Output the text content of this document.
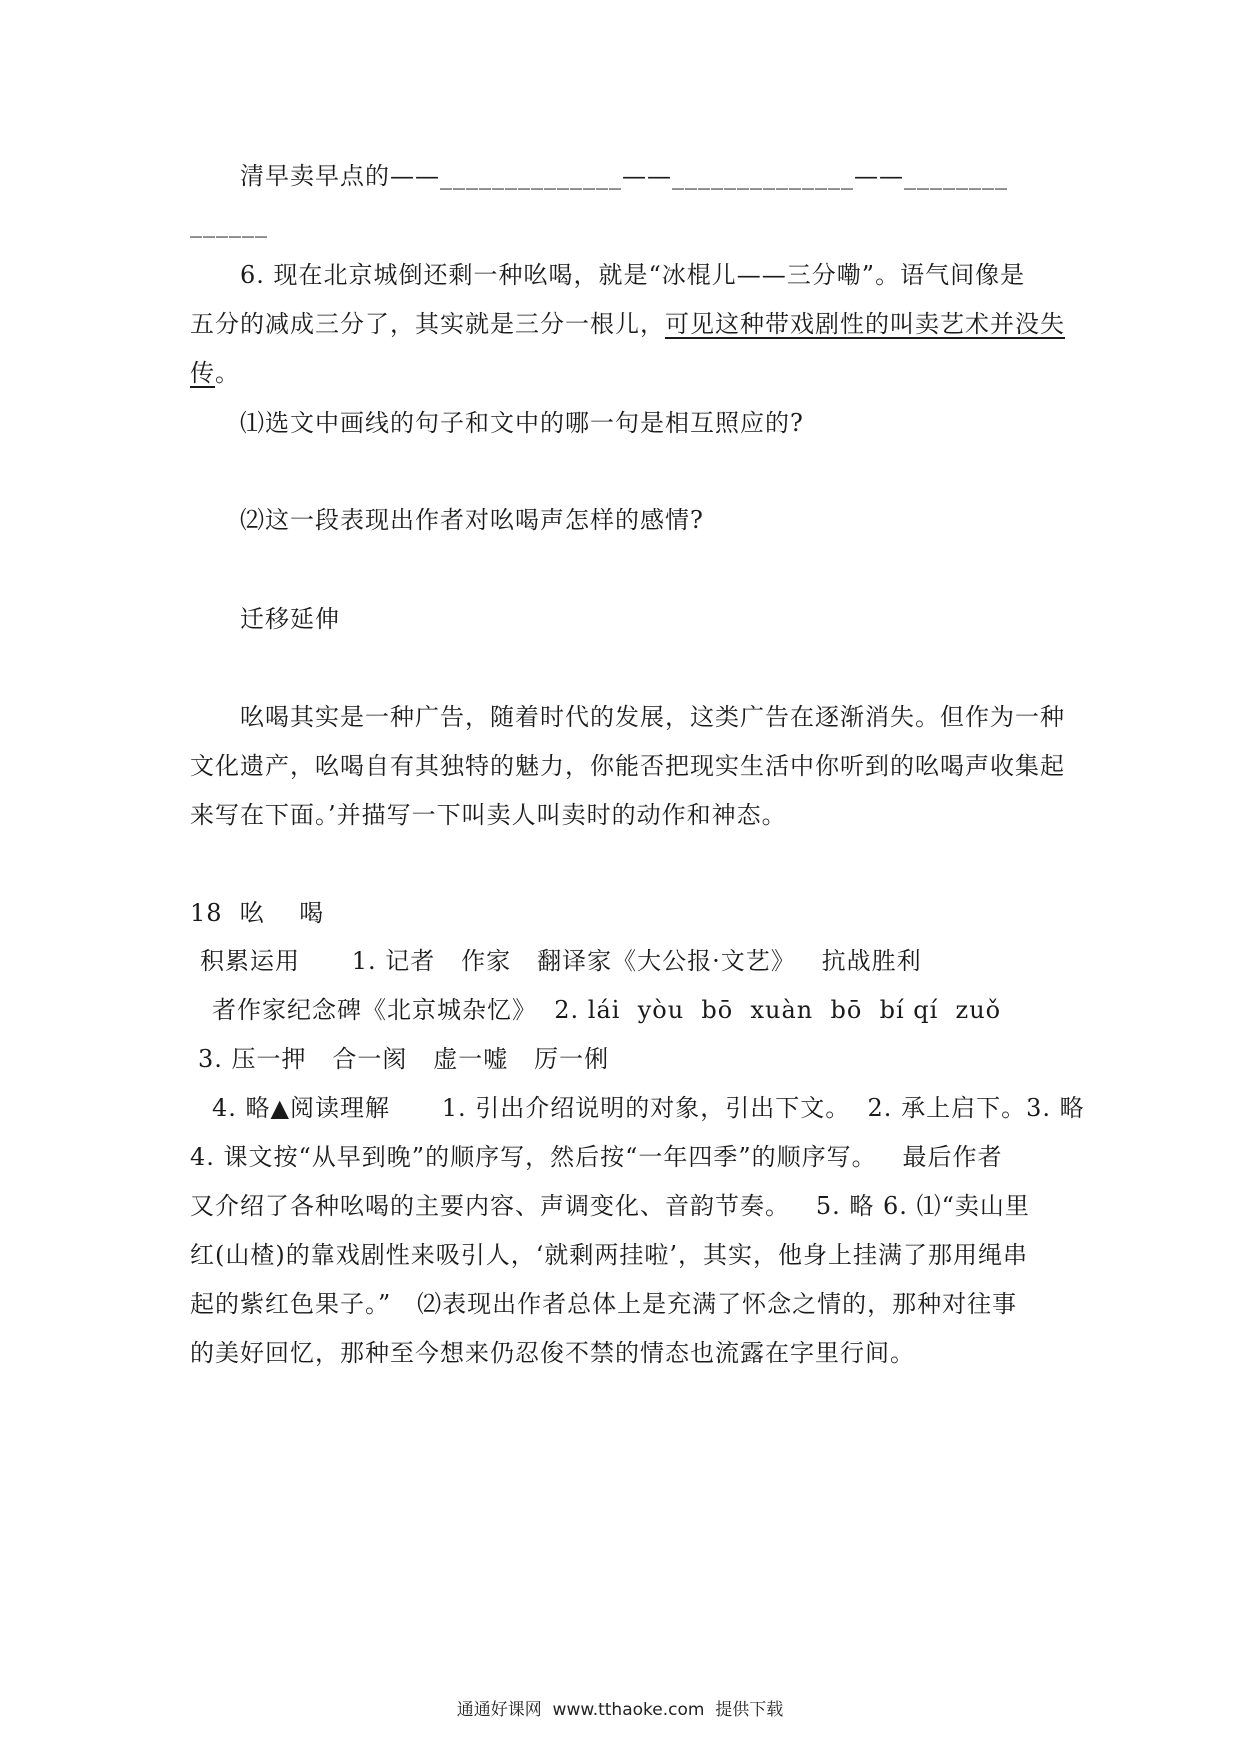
清早卖早点的——______________——______________——________
______
6. 现在北京城倒还剩一种吆喝，就是“冰棍儿——三分嘞”。语气间像是
五分的减成三分了，其实就是三分一根儿，可见这种带戏剧性的叫卖艺术并没失
传。
⑴选文中画线的句子和文中的哪一句是相互照应的?
⑵这一段表现出作者对吆喝声怎样的感情?
迁移延伸
吆喝其实是一种广告，随着时代的发展，这类广告在逐渐消失。但作为一种
文化遗产，吆喝自有其独特的魅力，你能否把现实生活中你听到的吆喝声收集起
来写在下面。’并描写一下叫卖人叫卖时的动作和神态。
18  吆    喝
积累运用      1. 记者   作家   翻译家《大公报·文艺》   抗战胜利
者作家纪念碑《北京城杂忆》  2. lái  yòu  bō  xuàn  bō  bí qí  zuǒ
3. 压一押   合一阂   虚一嘘   厉一俐
4. 略▲阅读理解      1. 引出介绍说明的对象，引出下文。  2. 承上启下。3. 略
4. 课文按“从早到晚”的顺序写，然后按“一年四季”的顺序写。   最后作者
又介绍了各种吆喝的主要内容、声调变化、音韵节奏。   5. 略 6. ⑴“卖山里
红(山楂)的靠戏剧性来吸引人，‘就剩两挂啦’，其实，他身上挂满了那用绳串
起的紫红色果子。”   ⑵表现出作者总体上是充满了怀念之情的，那种对往事
的美好回忆，那种至今想来仍忍俊不禁的情态也流露在字里行间。
通通好课网  www.tthaoke.com  提供下载
